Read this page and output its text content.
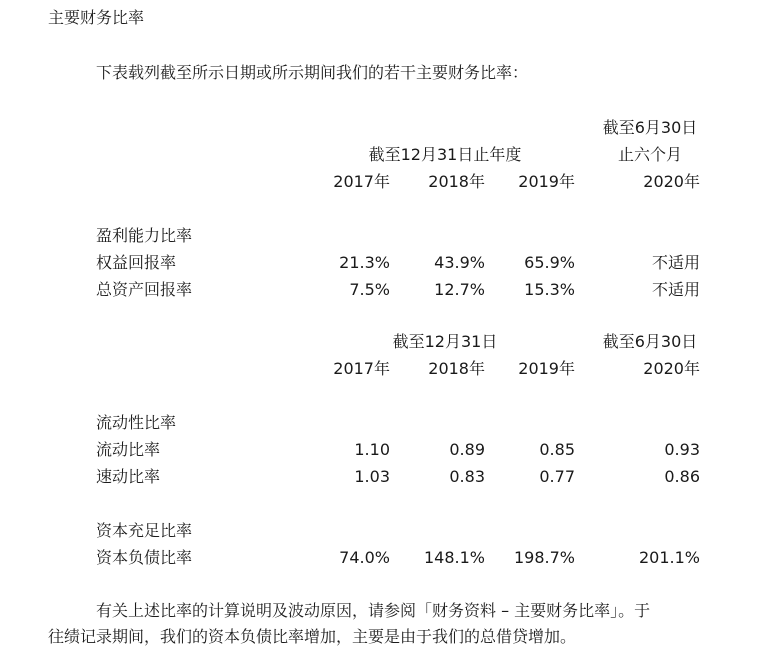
主要财务比率
下表载列截至所示日期或所示期间我们的若干主要财务比率：
截至6月30日
截至12月31日止年度	止六个月
2017年	2018年	2019年	2020年
盈利能力比率
权益回报率	21.3%	43.9%	65.9%	不适用
总资产回报率	7.5%	12.7%	15.3%	不适用
截至12月31日	截至6月30日
2017年	2018年	2019年	2020年
流动性比率
流动比率	1.10	0.89	0.85	0.93
速动比率	1.03	0.83	0.77	0.86
资本充足比率
资本负债比率	74.0%	148.1%	198.7%	201.1%
有关上述比率的计算说明及波动原因，请参阅「财务资料 – 主要财务比率」。于
往绩记录期间，我们的资本负债比率增加，主要是由于我们的总借贷增加。
